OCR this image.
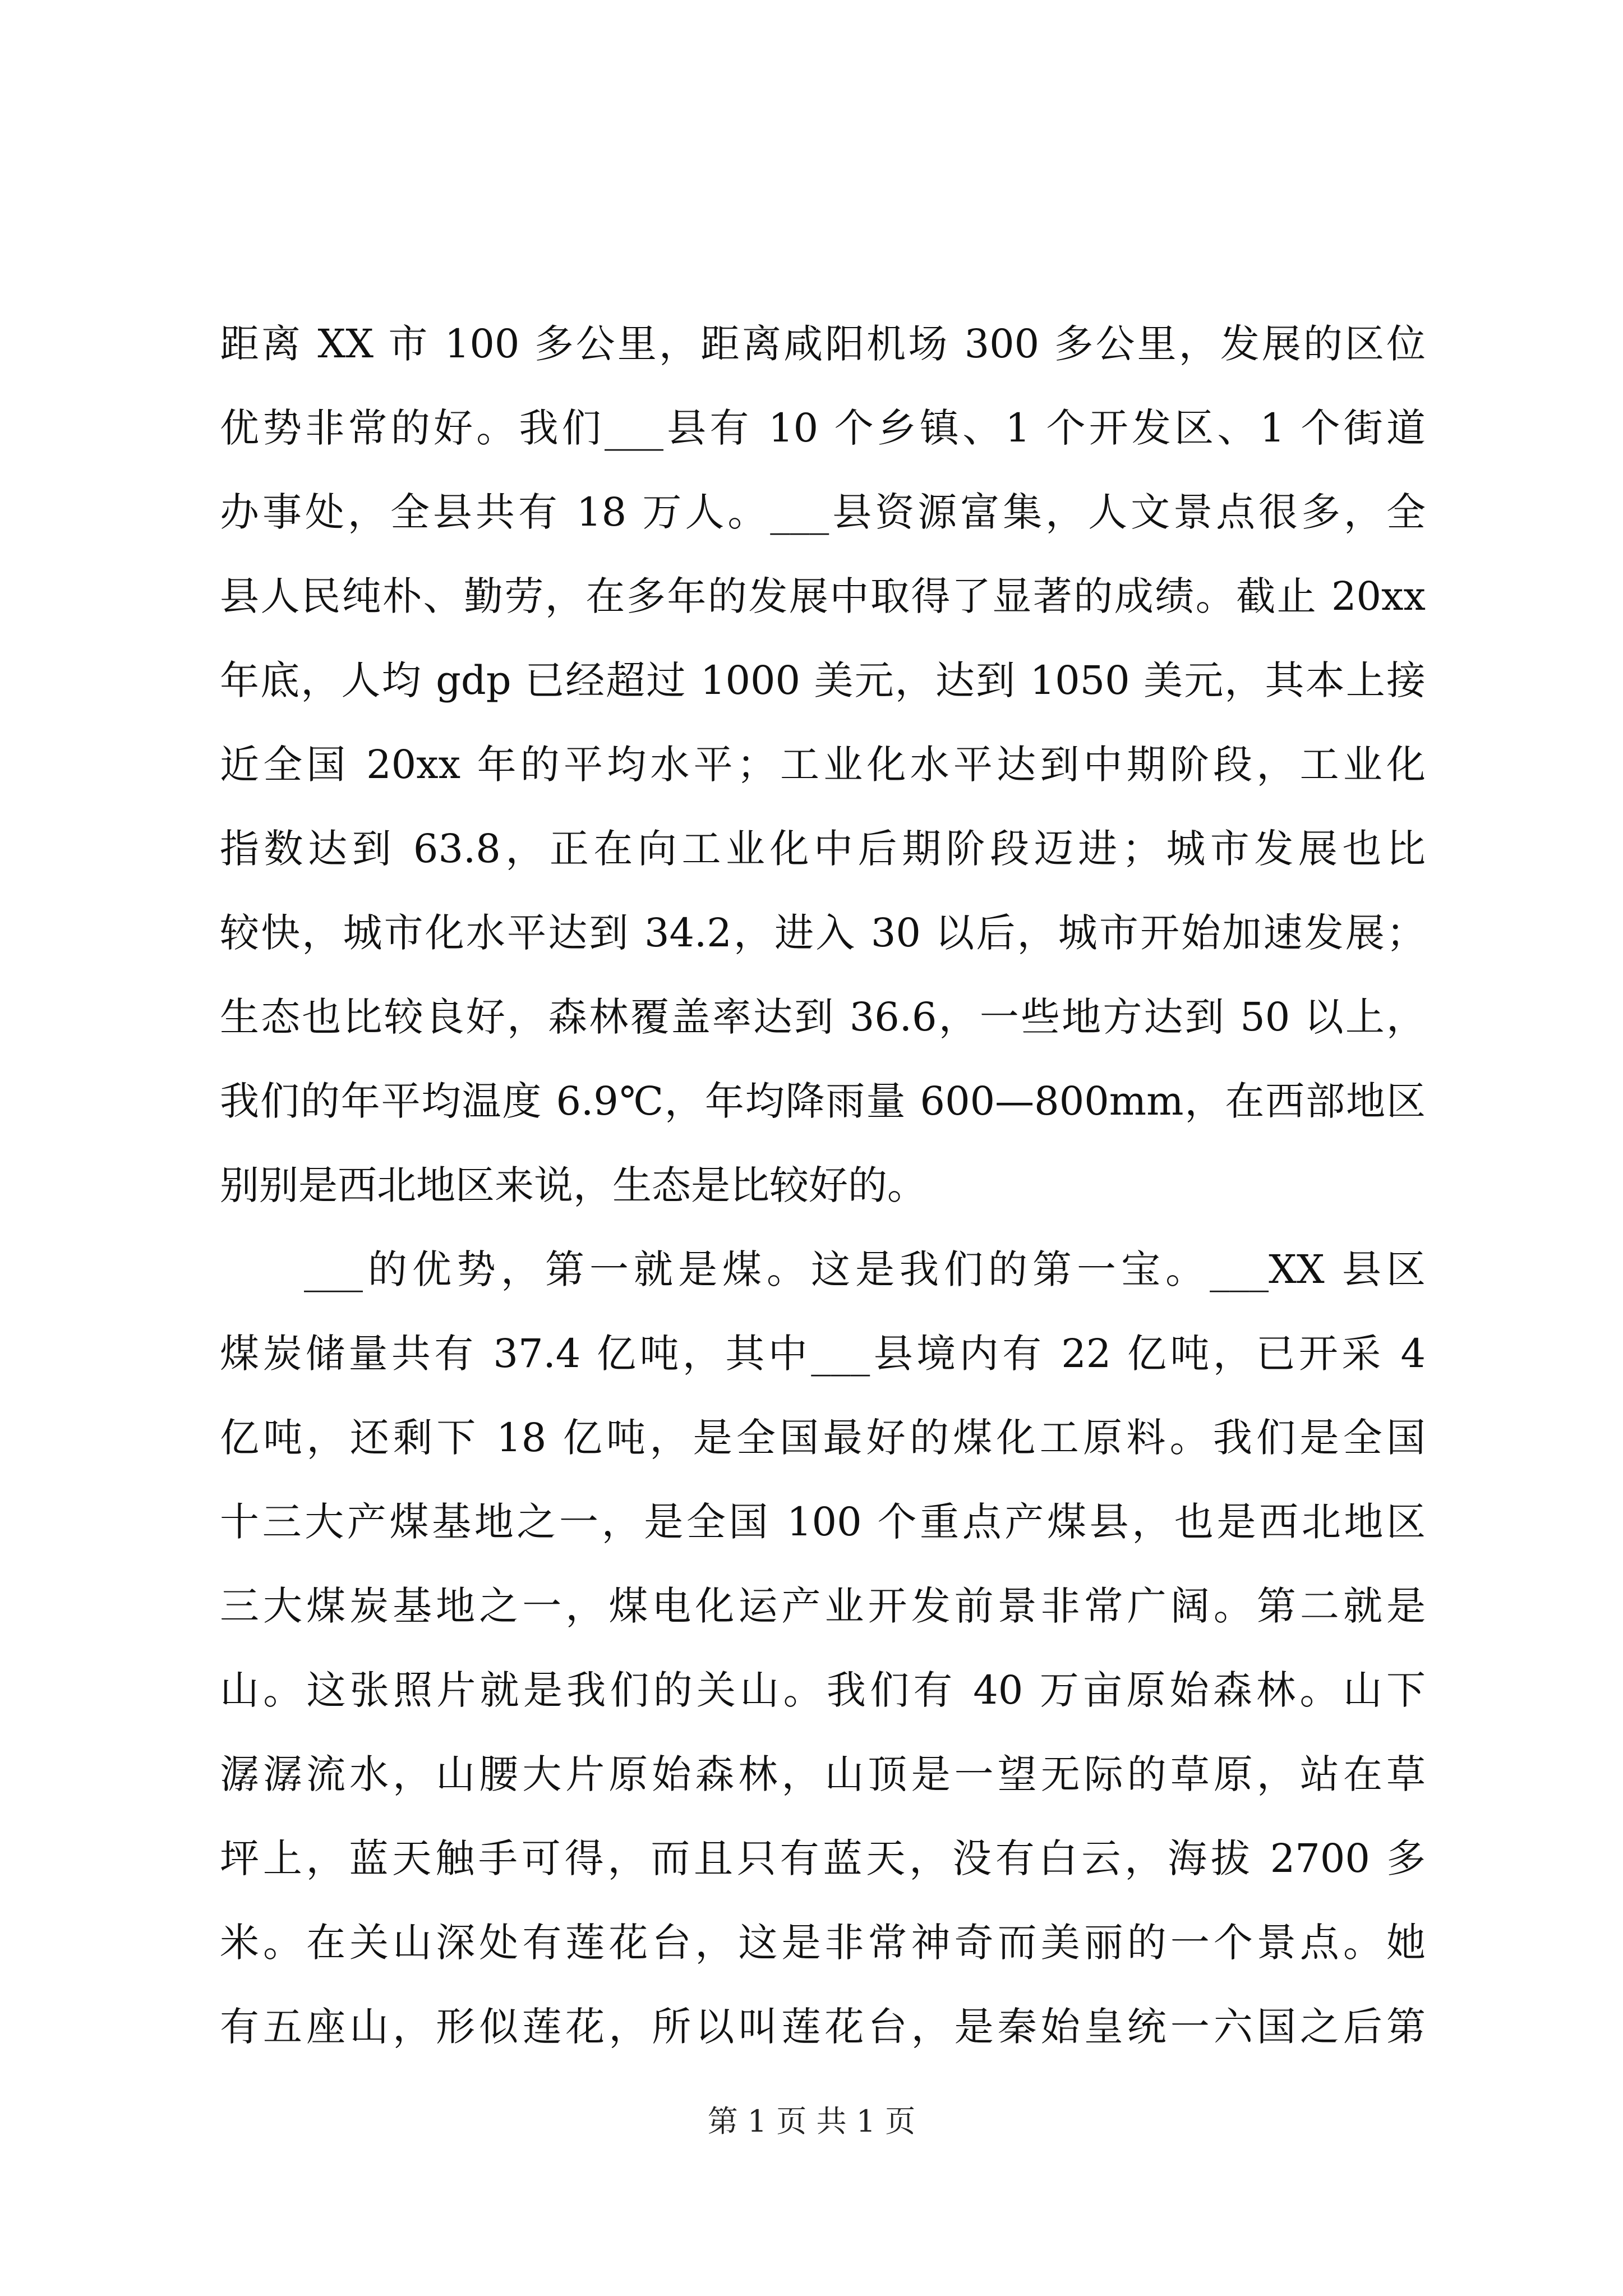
距离 XX 市 100 多公里，距离咸阳机场 300 多公里，发展的区位
优势非常的好。我们___县有 10 个乡镇、1 个开发区、1 个街道
办事处，全县共有 18 万人。___县资源富集，人文景点很多，全
县人民纯朴、勤劳，在多年的发展中取得了显著的成绩。截止 20xx
年底，人均 gdp 已经超过 1000 美元，达到 1050 美元，其本上接
近全国 20xx 年的平均水平；工业化水平达到中期阶段，工业化
指数达到 63.8，正在向工业化中后期阶段迈进；城市发展也比
较快，城市化水平达到 34.2，进入 30 以后，城市开始加速发展；
生态也比较良好，森林覆盖率达到 36.6，一些地方达到 50 以上，
我们的年平均温度 6.9℃，年均降雨量 600—800mm，在西部地区
别别是西北地区来说，生态是比较好的。
___的优势，第一就是煤。这是我们的第一宝。___XX 县区
煤炭储量共有 37.4 亿吨，其中___县境内有 22 亿吨，已开采 4
亿吨，还剩下 18 亿吨，是全国最好的煤化工原料。我们是全国
十三大产煤基地之一，是全国 100 个重点产煤县，也是西北地区
三大煤炭基地之一，煤电化运产业开发前景非常广阔。第二就是
山。这张照片就是我们的关山。我们有 40 万亩原始森林。山下
潺潺流水，山腰大片原始森林，山顶是一望无际的草原，站在草
坪上，蓝天触手可得，而且只有蓝天，没有白云，海拔 2700 多
米。在关山深处有莲花台，这是非常神奇而美丽的一个景点。她
有五座山，形似莲花，所以叫莲花台，是秦始皇统一六国之后第
第 1 页 共 1 页
